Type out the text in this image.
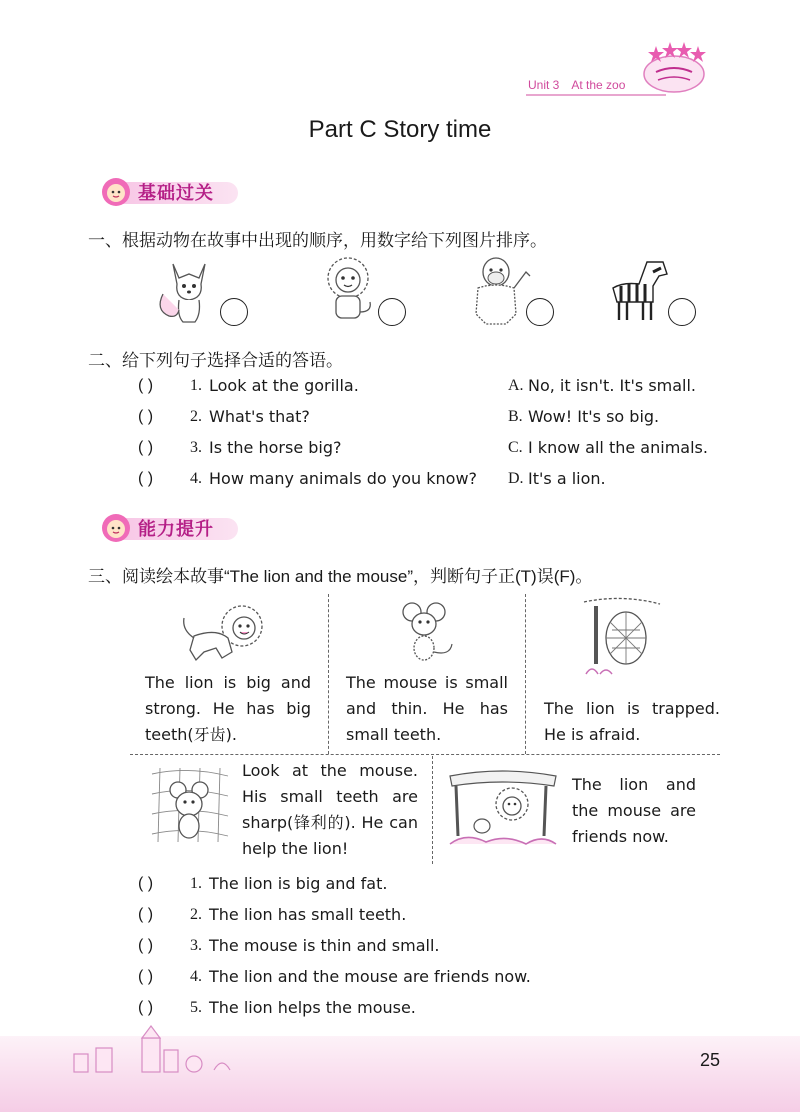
Unit 3 At the zoo
Part C Story time
基础过关
一、根据动物在故事中出现的顺序，用数字给下列图片排序。
二、给下列句子选择合适的答语。
( ) 1. Look at the gorilla.	A. No, it isn't. It's small.
( ) 2. What's that?	B. Wow! It's so big.
( ) 3. Is the horse big?	C. I know all the animals.
( ) 4. How many animals do you know? D. It's a lion.
能力提升
三、阅读绘本故事“The lion and the mouse”，判断句子正(T)误(F)。
The lion is big and strong. He has big teeth(牙齿).
The mouse is small and thin. He has small teeth.
The lion is trapped. He is afraid.
Look at the mouse. His small teeth are sharp(锋利的). He can help the lion!
The lion and the mouse are friends now.
( ) 1. The lion is big and fat.
( ) 2. The lion has small teeth.
( ) 3. The mouse is thin and small.
( ) 4. The lion and the mouse are friends now.
( ) 5. The lion helps the mouse.
25
